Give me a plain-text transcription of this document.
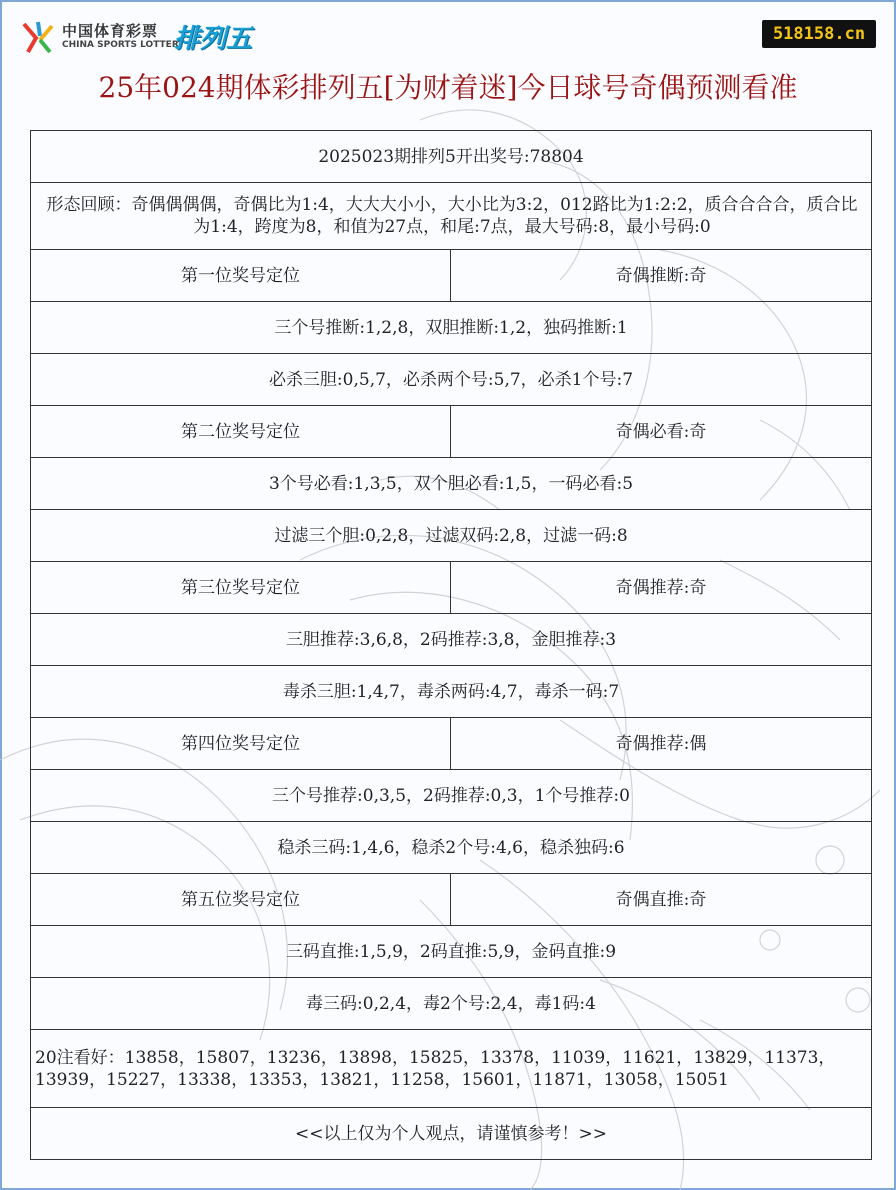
中国体育彩票
CHINA SPORTS LOTTERY
排列五	518158.cn
25年024期体彩排列五[为财着迷]今日球号奇偶预测看准
2025023期排列5开出奖号:78804	
形态回顾：奇偶偶偶偶，奇偶比为1:4，大大大小小，大小比为3:2，012路比为1:2:2，质合合合合，质合比为1:4，跨度为8，和值为27点，和尾:7点，最大号码:8，最小号码:0	
第一位奖号定位	奇偶推断:奇
三个号推断:1,2,8，双胆推断:1,2，独码推断:1	
必杀三胆:0,5,7，必杀两个号:5,7，必杀1个号:7	
第二位奖号定位	奇偶必看:奇
3个号必看:1,3,5，双个胆必看:1,5，一码必看:5	
过滤三个胆:0,2,8，过滤双码:2,8，过滤一码:8	
第三位奖号定位	奇偶推荐:奇
三胆推荐:3,6,8，2码推荐:3,8，金胆推荐:3	
毒杀三胆:1,4,7，毒杀两码:4,7，毒杀一码:7	
第四位奖号定位	奇偶推荐:偶
三个号推荐:0,3,5，2码推荐:0,3，1个号推荐:0	
稳杀三码:1,4,6，稳杀2个号:4,6，稳杀独码:6	
第五位奖号定位	奇偶直推:奇
三码直推:1,5,9，2码直推:5,9，金码直推:9	
毒三码:0,2,4，毒2个号:2,4，毒1码:4	
20注看好：13858，15807，13236，13898，15825，13378，11039，11621，13829，11373，13939，15227，13338，13353，13821，11258，15601，11871，13058，15051	
<<以上仅为个人观点，请谨慎参考！>>	
